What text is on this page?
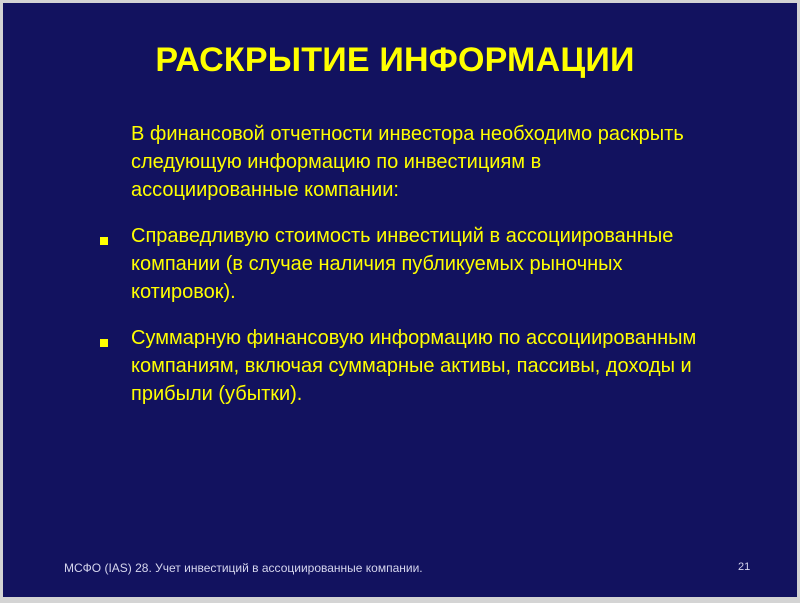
РАСКРЫТИЕ ИНФОРМАЦИИ
В финансовой отчетности инвестора необходимо раскрыть следующую информацию по инвестициям в ассоциированные компании:
Справедливую стоимость инвестиций в ассоциированные компании (в случае наличия публикуемых рыночных котировок).
Суммарную финансовую информацию по ассоциированным компаниям, включая суммарные активы, пассивы, доходы и прибыли (убытки).
МСФО (IAS) 28. Учет инвестиций в ассоциированные компании.	21
